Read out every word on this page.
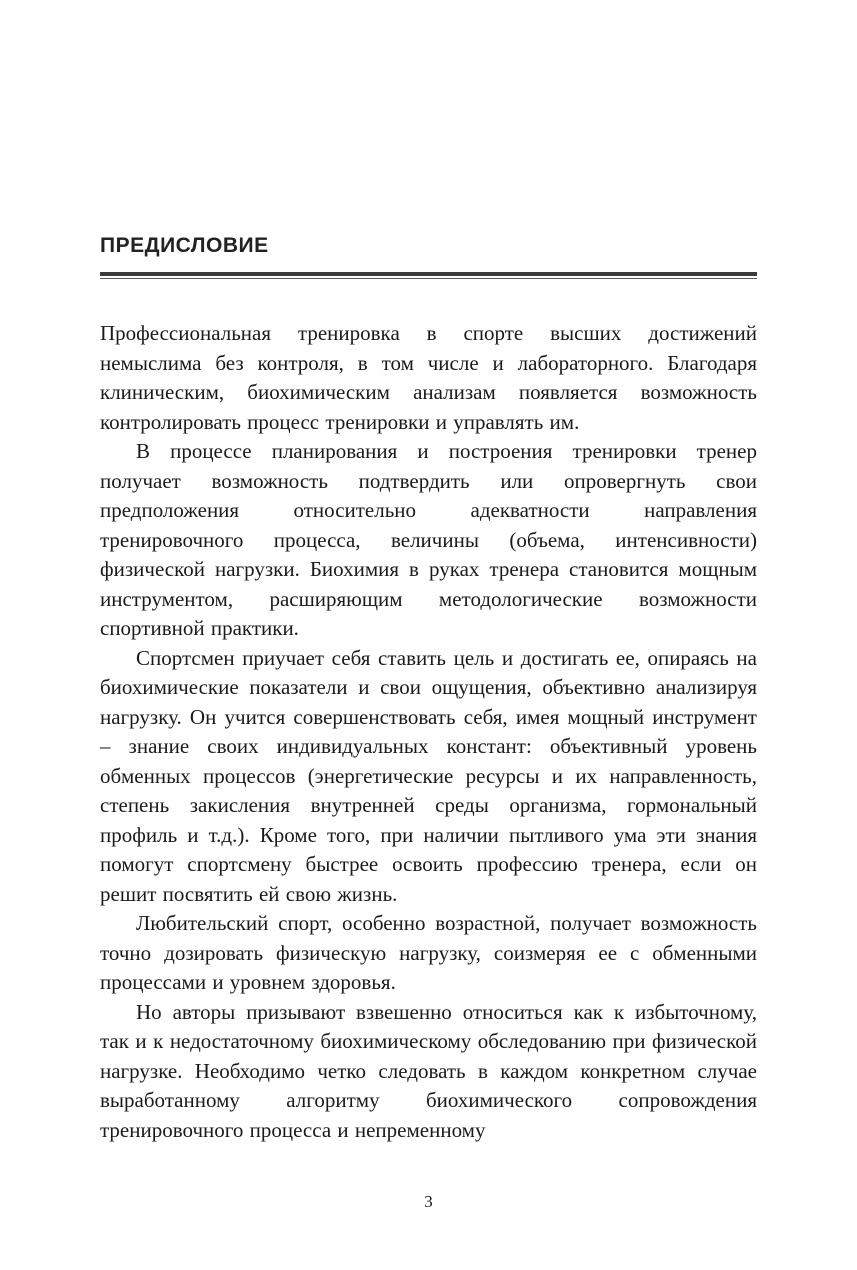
ПРЕДИСЛОВИЕ

Профессиональная тренировка в спорте высших достижений немыслима без контроля, в том числе и лабораторного. Благодаря клиническим, биохимическим анализам появляется возможность контролировать процесс тренировки и управлять им.

В процессе планирования и построения тренировки тренер получает возможность подтвердить или опровергнуть свои предположения относительно адекватности направления тренировочного процесса, величины (объема, интенсивности) физической нагрузки. Биохимия в руках тренера становится мощным инструментом, расширяющим методологические возможности спортивной практики.

Спортсмен приучает себя ставить цель и достигать ее, опираясь на биохимические показатели и свои ощущения, объективно анализируя нагрузку. Он учится совершенствовать себя, имея мощный инструмент – знание своих индивидуальных констант: объективный уровень обменных процессов (энергетические ресурсы и их направленность, степень закисления внутренней среды организма, гормональный профиль и т.д.). Кроме того, при наличии пытливого ума эти знания помогут спортсмену быстрее освоить профессию тренера, если он решит посвятить ей свою жизнь.

Любительский спорт, особенно возрастной, получает возможность точно дозировать физическую нагрузку, соизмеряя ее с обменными процессами и уровнем здоровья.

Но авторы призывают взвешенно относиться как к избыточному, так и к недостаточному биохимическому обследованию при физической нагрузке. Необходимо четко следовать в каждом конкретном случае выработанному алгоритму биохимического сопровождения тренировочного процесса и непременному

3
